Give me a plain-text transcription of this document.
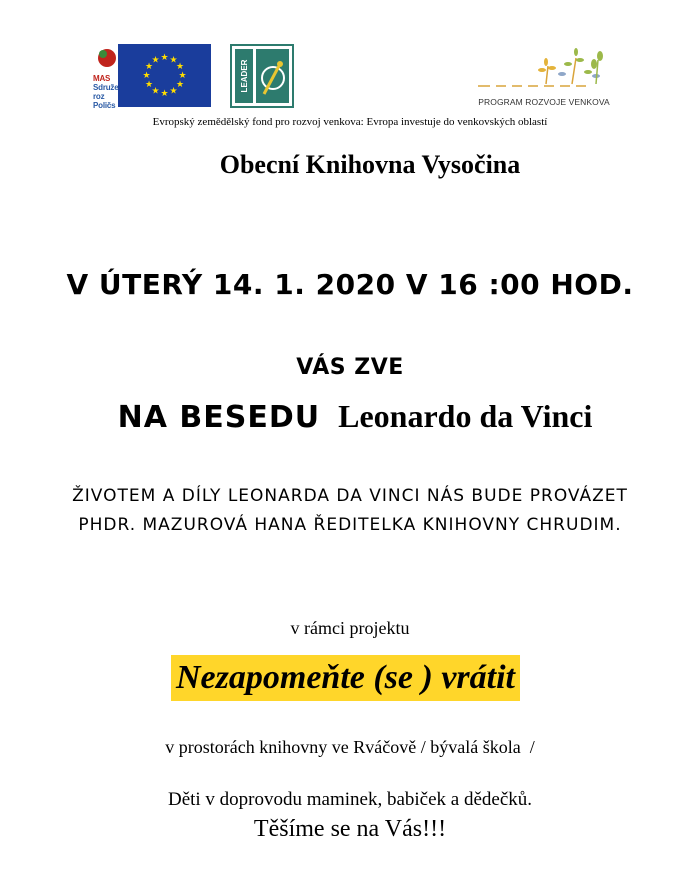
MAS
Sdruže
roz
Poličs
★ ★
★
★
★
★
★
★
★
★
★
★	LEADER
PROGRAM ROZVOJE VENKOVA
Evropský zemědělský fond pro rozvoj venkova: Evropa investuje do venkovských oblastí
Obecní Knihovna Vysočina
V ÚTERÝ 14. 1. 2020 V 16 :00 HOD.
VÁS ZVE
NA BESEDU Leonardo da Vinci
ŽIVOTEM A DÍLY LEONARDA DA VINCI NÁS BUDE PROVÁZET
PHDR. MAZUROVÁ HANA ŘEDITELKA KNIHOVNY CHRUDIM.
v rámci projektu
Nezapomeňte (se ) vrátit
v prostorách knihovny ve Rváčově / bývalá škola  /
Děti v doprovodu maminek, babiček a dědečků.
Těšíme se na Vás!!!
